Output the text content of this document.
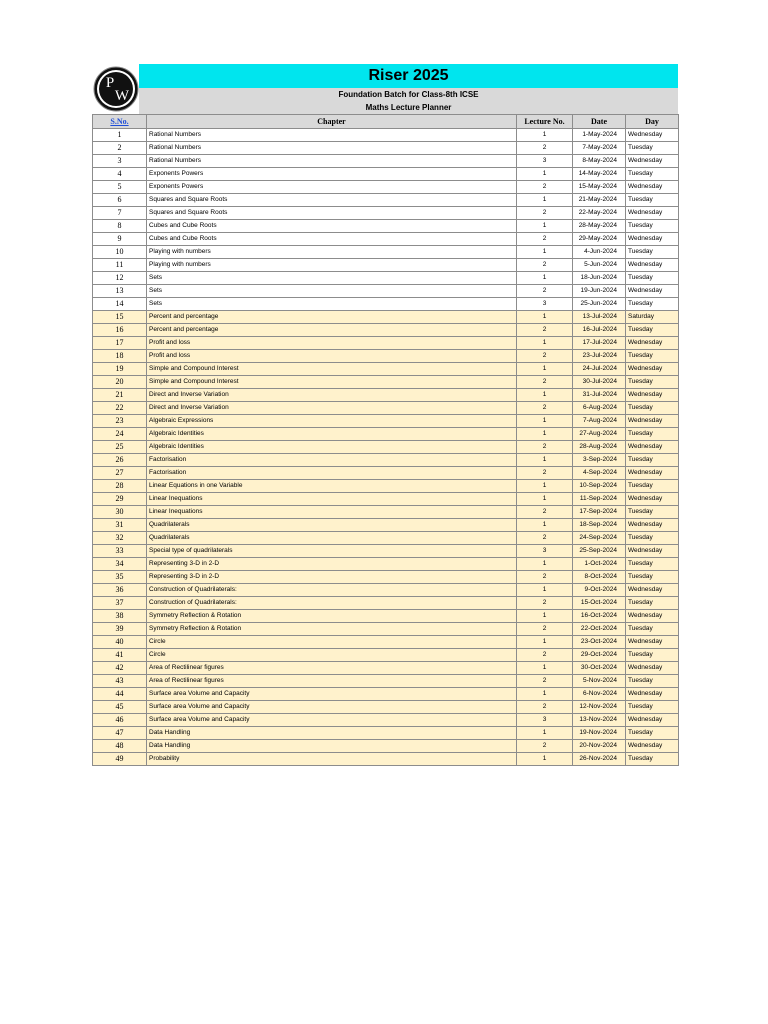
P
W
Riser 2025
Foundation Batch for Class-8th ICSE
Maths Lecture Planner
S.No.	Chapter	Lecture No.	Date	Day
1	Rational Numbers	1	1-May-2024	Wednesday
2	Rational Numbers	2	7-May-2024	Tuesday
3	Rational Numbers	3	8-May-2024	Wednesday
4	Exponents Powers	1	14-May-2024	Tuesday
5	Exponents Powers	2	15-May-2024	Wednesday
6	Squares and Square Roots	1	21-May-2024	Tuesday
7	Squares and Square Roots	2	22-May-2024	Wednesday
8	Cubes and Cube Roots	1	28-May-2024	Tuesday
9	Cubes and Cube Roots	2	29-May-2024	Wednesday
10	Playing with numbers	1	4-Jun-2024	Tuesday
11	Playing with numbers	2	5-Jun-2024	Wednesday
12	Sets	1	18-Jun-2024	Tuesday
13	Sets	2	19-Jun-2024	Wednesday
14	Sets	3	25-Jun-2024	Tuesday
15	Percent and percentage	1	13-Jul-2024	Saturday
16	Percent and percentage	2	16-Jul-2024	Tuesday
17	Profit and loss	1	17-Jul-2024	Wednesday
18	Profit and loss	2	23-Jul-2024	Tuesday
19	Simple and Compound Interest	1	24-Jul-2024	Wednesday
20	Simple and Compound Interest	2	30-Jul-2024	Tuesday
21	Direct and Inverse Variation	1	31-Jul-2024	Wednesday
22	Direct and Inverse Variation	2	6-Aug-2024	Tuesday
23	Algebraic Expressions	1	7-Aug-2024	Wednesday
24	Algebraic Identities	1	27-Aug-2024	Tuesday
25	Algebraic Identities	2	28-Aug-2024	Wednesday
26	Factorisation	1	3-Sep-2024	Tuesday
27	Factorisation	2	4-Sep-2024	Wednesday
28	Linear Equations in one Variable	1	10-Sep-2024	Tuesday
29	Linear Inequations	1	11-Sep-2024	Wednesday
30	Linear Inequations	2	17-Sep-2024	Tuesday
31	Quadrilaterals	1	18-Sep-2024	Wednesday
32	Quadrilaterals	2	24-Sep-2024	Tuesday
33	Special type of quadrilaterals	3	25-Sep-2024	Wednesday
34	Representing 3-D in 2-D	1	1-Oct-2024	Tuesday
35	Representing 3-D in 2-D	2	8-Oct-2024	Tuesday
36	Construction of Quadrilaterals:	1	9-Oct-2024	Wednesday
37	Construction of Quadrilaterals:	2	15-Oct-2024	Tuesday
38	Symmetry Reflection & Rotation	1	16-Oct-2024	Wednesday
39	Symmetry Reflection & Rotation	2	22-Oct-2024	Tuesday
40	Circle	1	23-Oct-2024	Wednesday
41	Circle	2	29-Oct-2024	Tuesday
42	Area of Rectilinear figures	1	30-Oct-2024	Wednesday
43	Area of Rectilinear figures	2	5-Nov-2024	Tuesday
44	Surface area Volume and Capacity	1	6-Nov-2024	Wednesday
45	Surface area Volume and Capacity	2	12-Nov-2024	Tuesday
46	Surface area Volume and Capacity	3	13-Nov-2024	Wednesday
47	Data Handling	1	19-Nov-2024	Tuesday
48	Data Handling	2	20-Nov-2024	Wednesday
49	Probability	1	26-Nov-2024	Tuesday
